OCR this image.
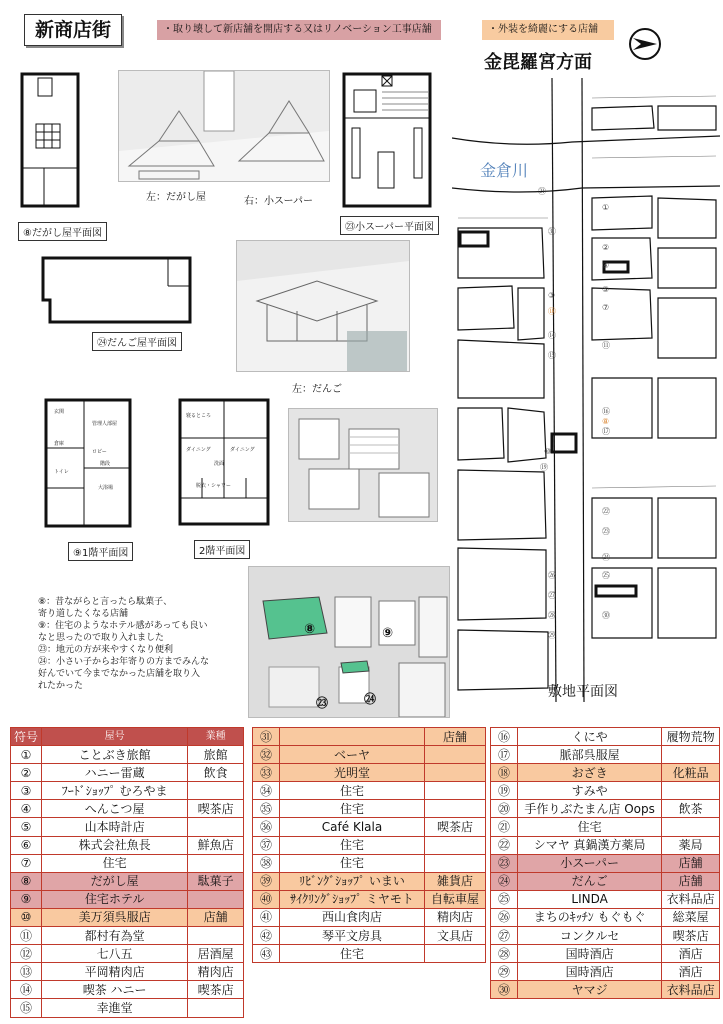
新商店街	・取り壊して新店舗を開店する又はリノベーション工事店舗	・外装を綺麗にする店舗
金毘羅宮方面
⑧だがし屋平面図
左：だがし屋	右：小スーパー
㉓小スーパー平面図
㉔だんご屋平面図
左：だんご
玄関
管理人部屋
倉庫
ロビー
階段
トイレ
大浴場
⑨1階平面図
寝るところ
ダイニング	ダイニング
洗面
脱衣・シャワー
2階平面図
⑧：昔ながらと言ったら駄菓子、
寄り道したくなる店舗
⑨：住宅のようなホテル感があっても良い
なと思ったので取り入れました
㉓：地元の方が来やすくなり便利
㉔：小さい子からお年寄りの方までみんな
好んでいて今までなかった店舗を取り入
れたかった
⑧	⑨
㉓	㉔
金倉川
敷地平面図
㉑
①
②
④
⑤
㉛
⑦
⑪
③
⑭
⑮
⑯
⑰
⑩
㉒
㉓
㉔
㉕
㉖
㉗
㉘
㉙
㉚
⑲
⑱
⑧
符号	屋号	業種
①	ことぶき旅館	旅館
②	ハニー雷蔵	飲食
③	ﾌｰﾄﾞｼｮｯﾌﾟ むろやま	
④	へんこつ屋	喫茶店
⑤	山本時計店	
⑥	株式会社魚長	鮮魚店
⑦	住宅	
⑧	だがし屋	駄菓子
⑨	住宅ホテル	
⑩	美万須呉服店	店舗
⑪	都村有為堂	
⑫	七八五	居酒屋
⑬	平岡精肉店	精肉店
⑭	喫茶 ハニー	喫茶店
⑮	幸進堂	
㉛		店舗
㉜	ベーヤ	
㉝	光明堂	
㉞	住宅	
㉟	住宅	
㊱	Café Klala	喫茶店
㊲	住宅	
㊳	住宅	
㊴	ﾘﾋﾞﾝｸﾞｼｮｯﾌﾟ いまい	雑貨店
㊵	ｻｲｸﾘﾝｸﾞｼｮｯﾌﾟ ミヤモト	自転車屋
㊶	西山食肉店	精肉店
㊷	琴平文房具	文具店
㊸	住宅	
⑯	くにや	履物荒物
⑰	脈部呉服屋	
⑱	おざき	化粧品
⑲	すみや	
⑳	手作りぶたまん店 Oops	飲茶
㉑	住宅	
㉒	シマヤ 真鍋漢方薬局	薬局
㉓	小スーパー	店舗
㉔	だんご	店舗
㉕	LINDA	衣料品店
㉖	まちのｷｯﾁﾝ もぐもぐ	総菜屋
㉗	コンクルセ	喫茶店
㉘	国時酒店	酒店
㉙	国時酒店	酒店
㉚	ヤマジ	衣料品店
